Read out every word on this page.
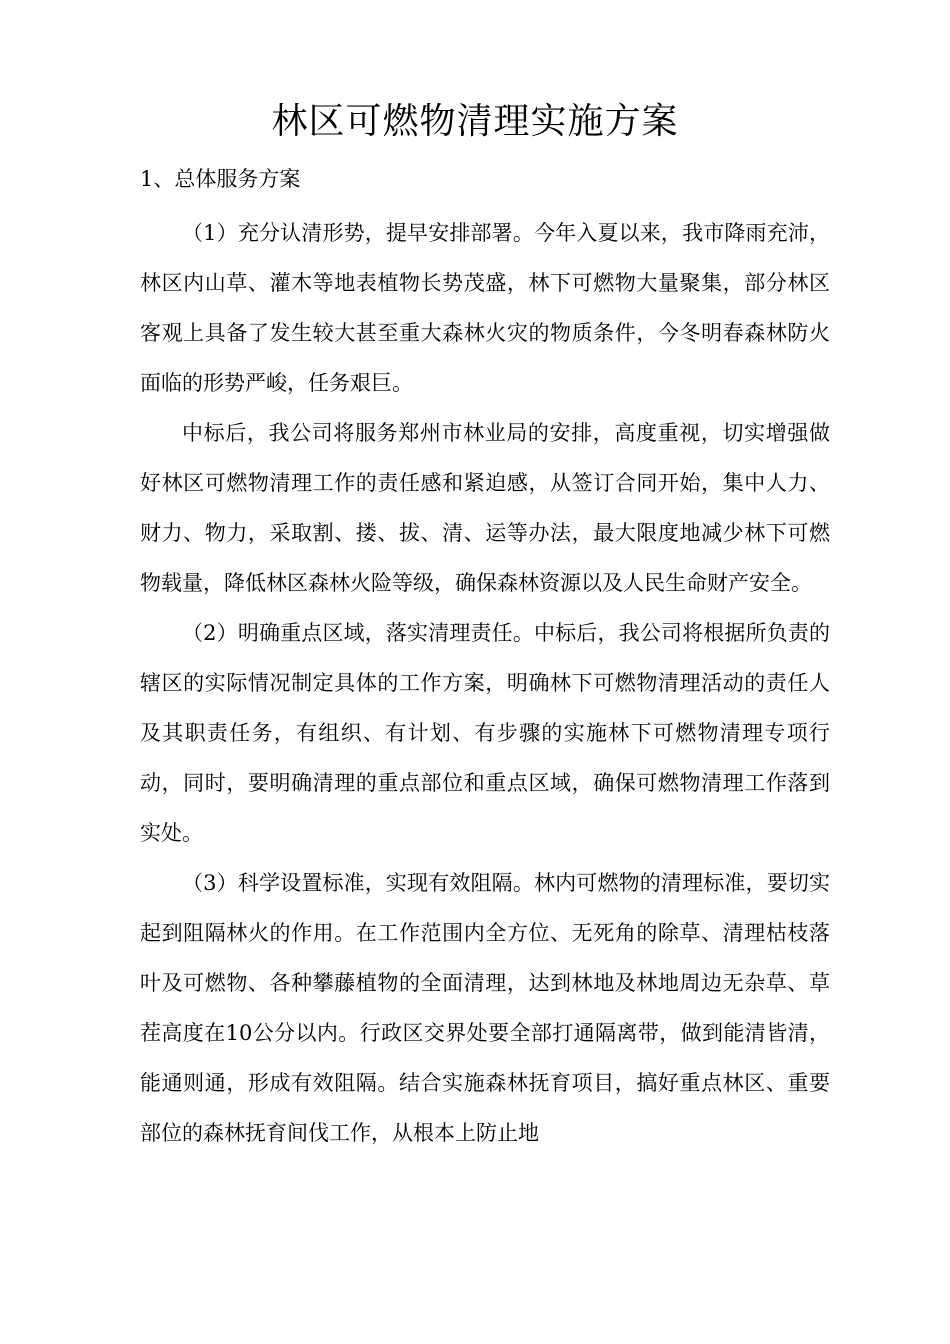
林区可燃物清理实施方案
1、总体服务方案

（1）充分认清形势，提早安排部署。今年入夏以来，我市降雨充沛，林区内山草、灌木等地表植物长势茂盛，林下可燃物大量聚集，部分林区客观上具备了发生较大甚至重大森林火灾的物质条件，今冬明春森林防火面临的形势严峻，任务艰巨。

中标后，我公司将服务郑州市林业局的安排，高度重视，切实增强做好林区可燃物清理工作的责任感和紧迫感，从签订合同开始，集中人力、财力、物力，采取割、搂、拔、清、运等办法，最大限度地减少林下可燃物载量，降低林区森林火险等级，确保森林资源以及人民生命财产安全。

（2）明确重点区域，落实清理责任。中标后，我公司将根据所负责的辖区的实际情况制定具体的工作方案，明确林下可燃物清理活动的责任人及其职责任务，有组织、有计划、有步骤的实施林下可燃物清理专项行动，同时，要明确清理的重点部位和重点区域，确保可燃物清理工作落到实处。

（3）科学设置标准，实现有效阻隔。林内可燃物的清理标准，要切实起到阻隔林火的作用。在工作范围内全方位、无死角的除草、清理枯枝落叶及可燃物、各种攀藤植物的全面清理，达到林地及林地周边无杂草、草茬高度在10公分以内。行政区交界处要全部打通隔离带，做到能清皆清，能通则通，形成有效阻隔。结合实施森林抚育项目，搞好重点林区、重要部位的森林抚育间伐工作，从根本上防止地
